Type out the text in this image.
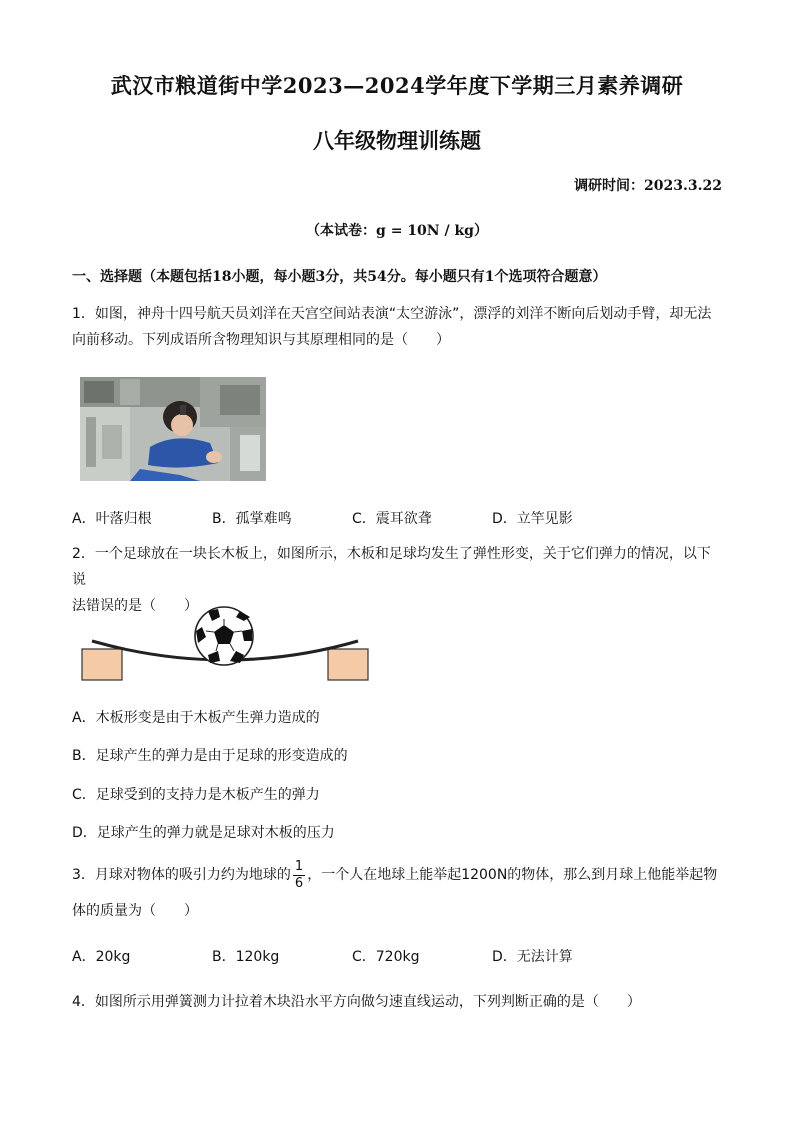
武汉市粮道街中学2023—2024学年度下学期三月素养调研
八年级物理训练题
调研时间：2023.3.22
（本试卷：g = 10N / kg）
一、选择题（本题包括18小题，每小题3分，共54分。每小题只有1个选项符合题意）
1．如图，神舟十四号航天员刘洋在天宫空间站表演“太空游泳”，漂浮的刘洋不断向后划动手臂，却无法
向前移动。下列成语所含物理知识与其原理相同的是（　　）
A．叶落归根	B．孤掌难鸣	C．震耳欲聋	D．立竿见影
2．一个足球放在一块长木板上，如图所示，木板和足球均发生了弹性形变，关于它们弹力的情况，以下说
法错误的是（　　）
A．木板形变是由于木板产生弹力造成的
B．足球产生的弹力是由于足球的形变造成的
C．足球受到的支持力是木板产生的弹力
D．足球产生的弹力就是足球对木板的压力
3．月球对物体的吸引力约为地球的 $\frac{1}{6}$ ，一个人在地球上能举起1200N的物体，那么到月球上他能举起物
体的质量为（　　）
A．20kg	B．120kg	C．720kg	D．无法计算
4．如图所示用弹簧测力计拉着木块沿水平方向做匀速直线运动，下列判断正确的是（　　）
